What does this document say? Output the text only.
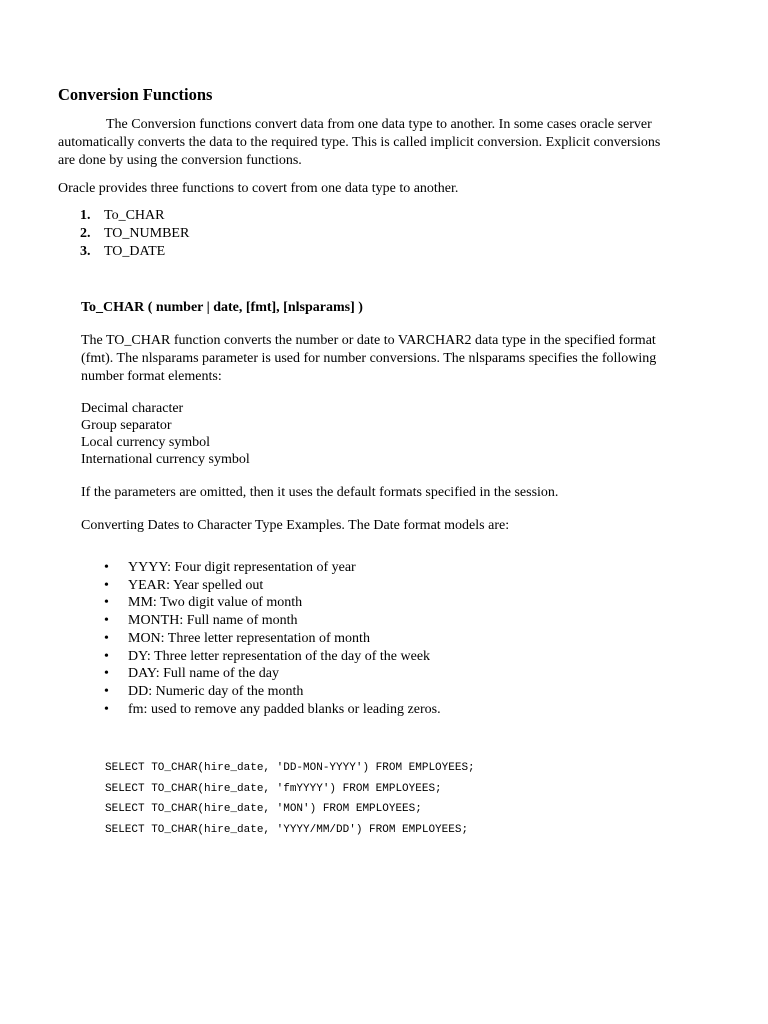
Conversion Functions
The Conversion functions convert data from one data type to another. In some cases oracle server
automatically converts the data to the required type. This is called implicit conversion. Explicit conversions
are done by using the conversion functions.
Oracle provides three functions to covert from one data type to another.
1. To_CHAR
2. TO_NUMBER
3. TO_DATE
To_CHAR ( number | date, [fmt], [nlsparams] )
The TO_CHAR function converts the number or date to VARCHAR2 data type in the specified format
(fmt). The nlsparams parameter is used for number conversions. The nlsparams specifies the following
number format elements:
Decimal character
Group separator
Local currency symbol
International currency symbol
If the parameters are omitted, then it uses the default formats specified in the session.
Converting Dates to Character Type Examples. The Date format models are:
• YYYY: Four digit representation of year
• YEAR: Year spelled out
• MM: Two digit value of month
• MONTH: Full name of month
• MON: Three letter representation of month
• DY: Three letter representation of the day of the week
• DAY: Full name of the day
• DD: Numeric day of the month
• fm: used to remove any padded blanks or leading zeros.
SELECT TO_CHAR(hire_date, 'DD-MON-YYYY') FROM EMPLOYEES;
SELECT TO_CHAR(hire_date, 'fmYYYY') FROM EMPLOYEES;
SELECT TO_CHAR(hire_date, 'MON') FROM EMPLOYEES;
SELECT TO_CHAR(hire_date, 'YYYY/MM/DD') FROM EMPLOYEES;
